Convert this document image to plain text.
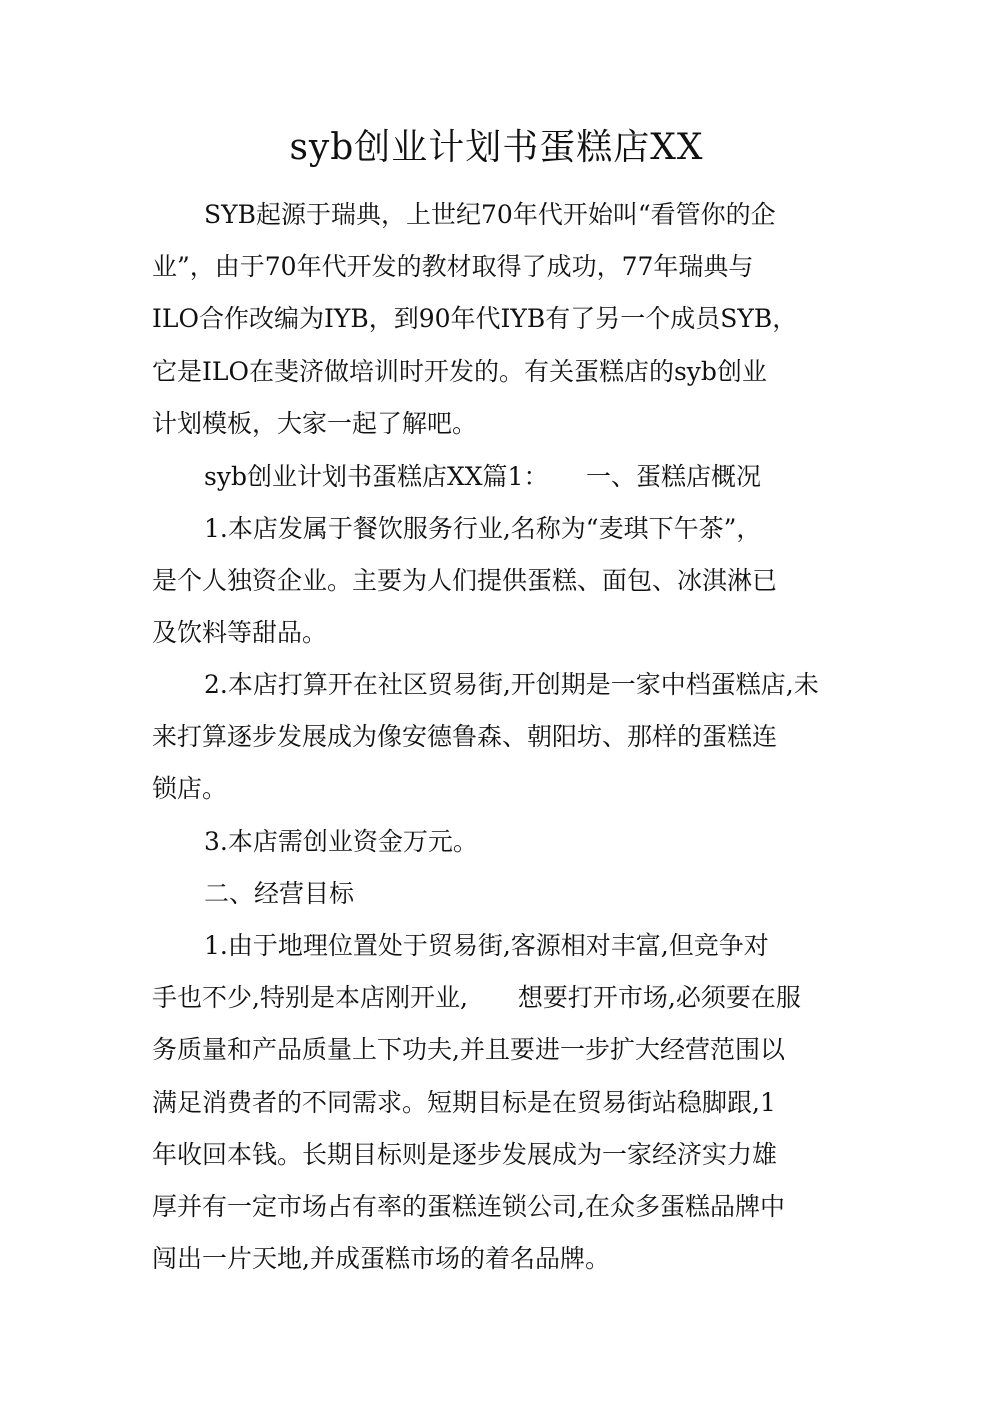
syb创业计划书蛋糕店XX
SYB起源于瑞典，上世纪70年代开始叫“看管你的企
业”，由于70年代开发的教材取得了成功，77年瑞典与
ILO合作改编为IYB，到90年代IYB有了另一个成员SYB，
它是ILO在斐济做培训时开发的。有关蛋糕店的syb创业
计划模板，大家一起了解吧。
syb创业计划书蛋糕店XX篇1：　　一、蛋糕店概况
1.本店发属于餐饮服务行业,名称为“麦琪下午茶”，
是个人独资企业。主要为人们提供蛋糕、面包、冰淇淋已
及饮料等甜品。
2.本店打算开在社区贸易街,开创期是一家中档蛋糕店,未
来打算逐步发展成为像安德鲁森、朝阳坊、那样的蛋糕连
锁店。
3.本店需创业资金万元。
二、经营目标
1.由于地理位置处于贸易街,客源相对丰富,但竞争对
手也不少,特别是本店刚开业,　　想要打开市场,必须要在服
务质量和产品质量上下功夫,并且要进一步扩大经营范围以
满足消费者的不同需求。短期目标是在贸易街站稳脚跟,1
年收回本钱。长期目标则是逐步发展成为一家经济实力雄
厚并有一定市场占有率的蛋糕连锁公司,在众多蛋糕品牌中
闯出一片天地,并成蛋糕市场的着名品牌。
